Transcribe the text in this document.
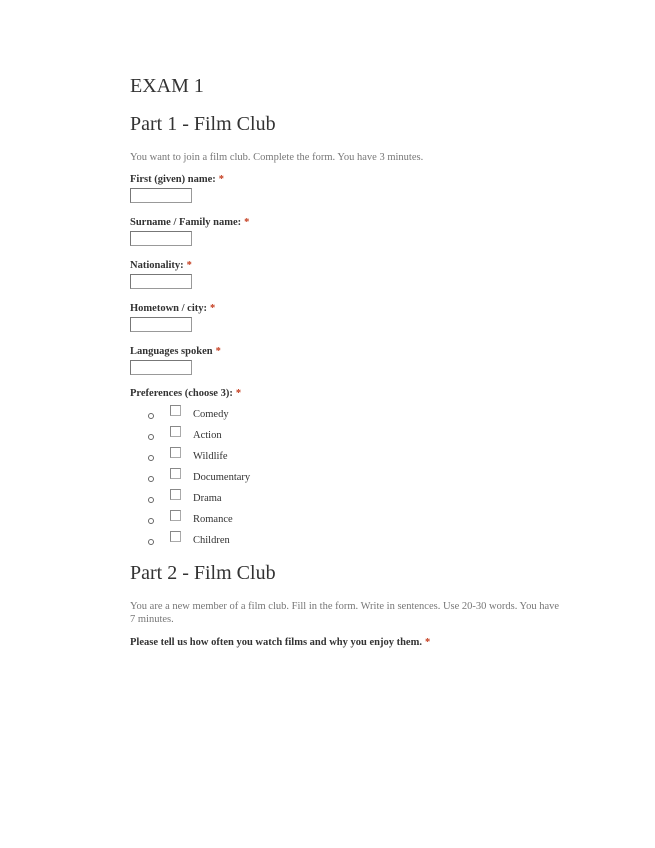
EXAM 1
Part 1 - Film Club
You want to join a film club. Complete the form. You have 3 minutes.
First (given) name: *
Surname / Family name: *
Nationality: *
Hometown / city: *
Languages spoken *
Preferences (choose 3): *
Comedy
Action
Wildlife
Documentary
Drama
Romance
Children
Part 2 - Film Club
You are a new member of a film club. Fill in the form. Write in sentences. Use 20-30 words. You have 7 minutes.
Please tell us how often you watch films and why you enjoy them. *
